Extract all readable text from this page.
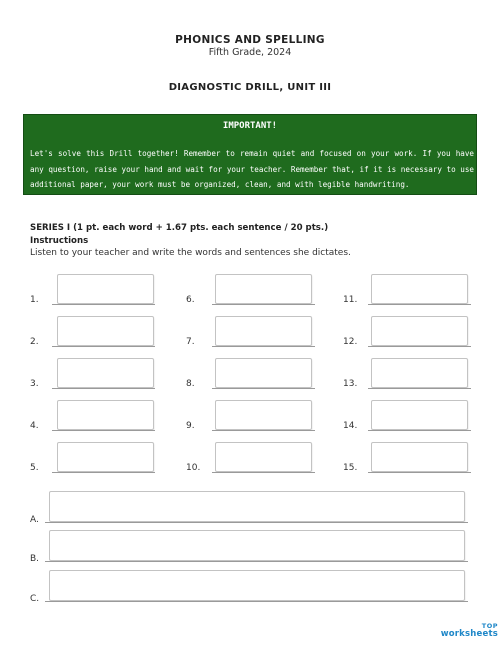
PHONICS AND SPELLING
Fifth Grade, 2024
DIAGNOSTIC DRILL, UNIT III
IMPORTANT!
Let's solve this Drill together! Remember to remain quiet and focused on your work. If you have any question, raise your hand and wait for your teacher. Remember that, if it is necessary to use additional paper, your work must be organized, clean, and with legible handwriting.
SERIES I (1 pt. each word + 1.67 pts. each sentence / 20 pts.)
Instructions
Listen to your teacher and write the words and sentences she dictates.
1.
2.
3.
4.
5.
6.
7.
8.
9.
10.
11.
12.
13.
14.
15.
A.
B.
C.
TOP
worksheets
